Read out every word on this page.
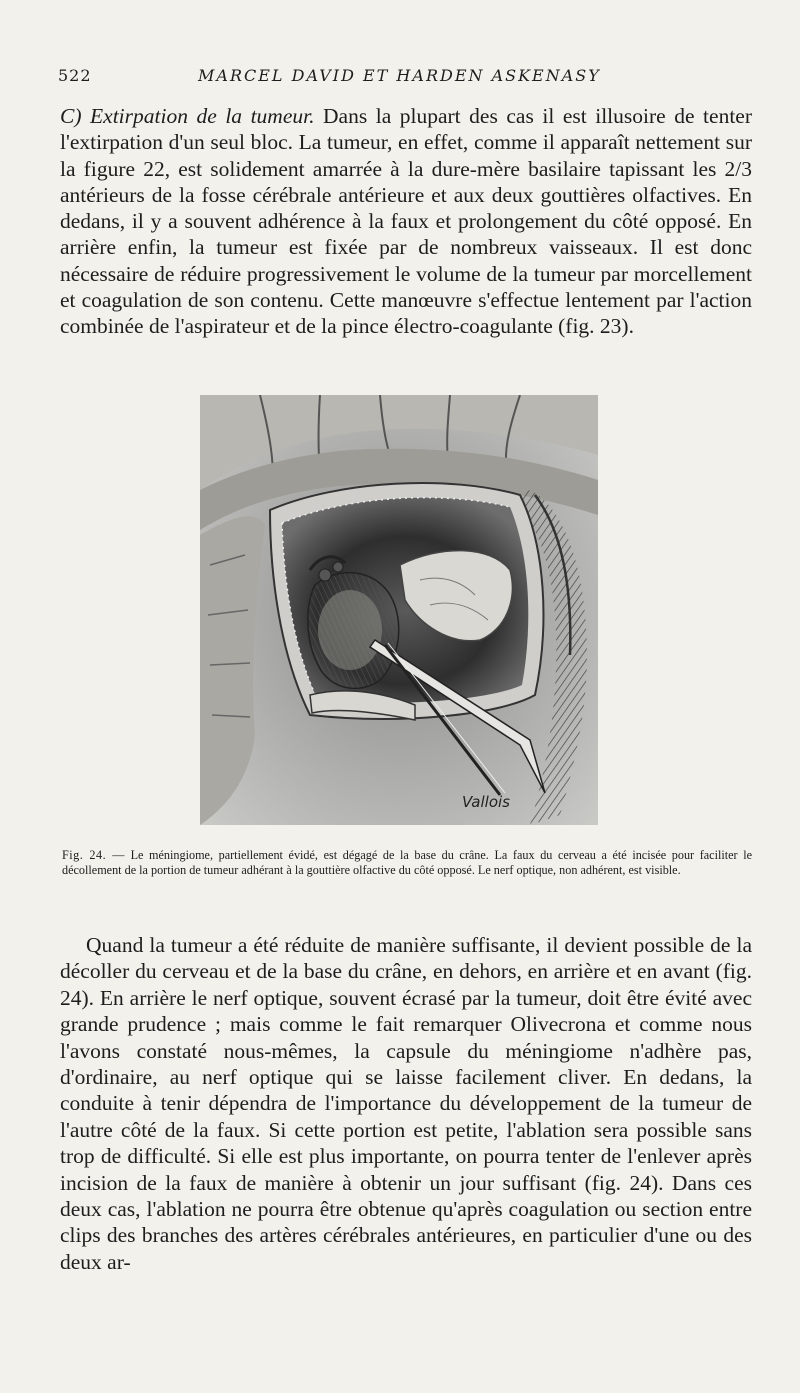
522	MARCEL DAVID ET HARDEN ASKENASY

C) Extirpation de la tumeur. Dans la plupart des cas il est illusoire de tenter l'extirpation d'un seul bloc. La tumeur, en effet, comme il apparaît nettement sur la figure 22, est solidement amarrée à la dure-mère basilaire tapissant les 2/3 antérieurs de la fosse cérébrale antérieure et aux deux gouttières olfactives. En dedans, il y a souvent adhérence à la faux et prolongement du côté opposé. En arrière enfin, la tumeur est fixée par de nombreux vaisseaux. Il est donc nécessaire de réduire progressivement le volume de la tumeur par morcellement et coagulation de son contenu. Cette manœuvre s'effectue lentement par l'action combinée de l'aspirateur et de la pince électro-coagulante (fig. 23).

Vallois
Fig. 24. — Le méningiome, partiellement évidé, est dégagé de la base du crâne. La faux du cerveau a été incisée pour faciliter le décollement de la portion de tumeur adhérant à la gouttière olfactive du côté opposé. Le nerf optique, non adhérent, est visible.

Quand la tumeur a été réduite de manière suffisante, il devient possible de la décoller du cerveau et de la base du crâne, en dehors, en arrière et en avant (fig. 24). En arrière le nerf optique, souvent écrasé par la tumeur, doit être évité avec grande prudence ; mais comme le fait remarquer Olivecrona et comme nous l'avons constaté nous-mêmes, la capsule du méningiome n'adhère pas, d'ordinaire, au nerf optique qui se laisse facilement cliver. En dedans, la conduite à tenir dépendra de l'importance du développement de la tumeur de l'autre côté de la faux. Si cette portion est petite, l'ablation sera possible sans trop de difficulté. Si elle est plus importante, on pourra tenter de l'enlever après incision de la faux de manière à obtenir un jour suffisant (fig. 24). Dans ces deux cas, l'ablation ne pourra être obtenue qu'après coagulation ou section entre clips des branches des artères cérébrales antérieures, en particulier d'une ou des deux ar-
